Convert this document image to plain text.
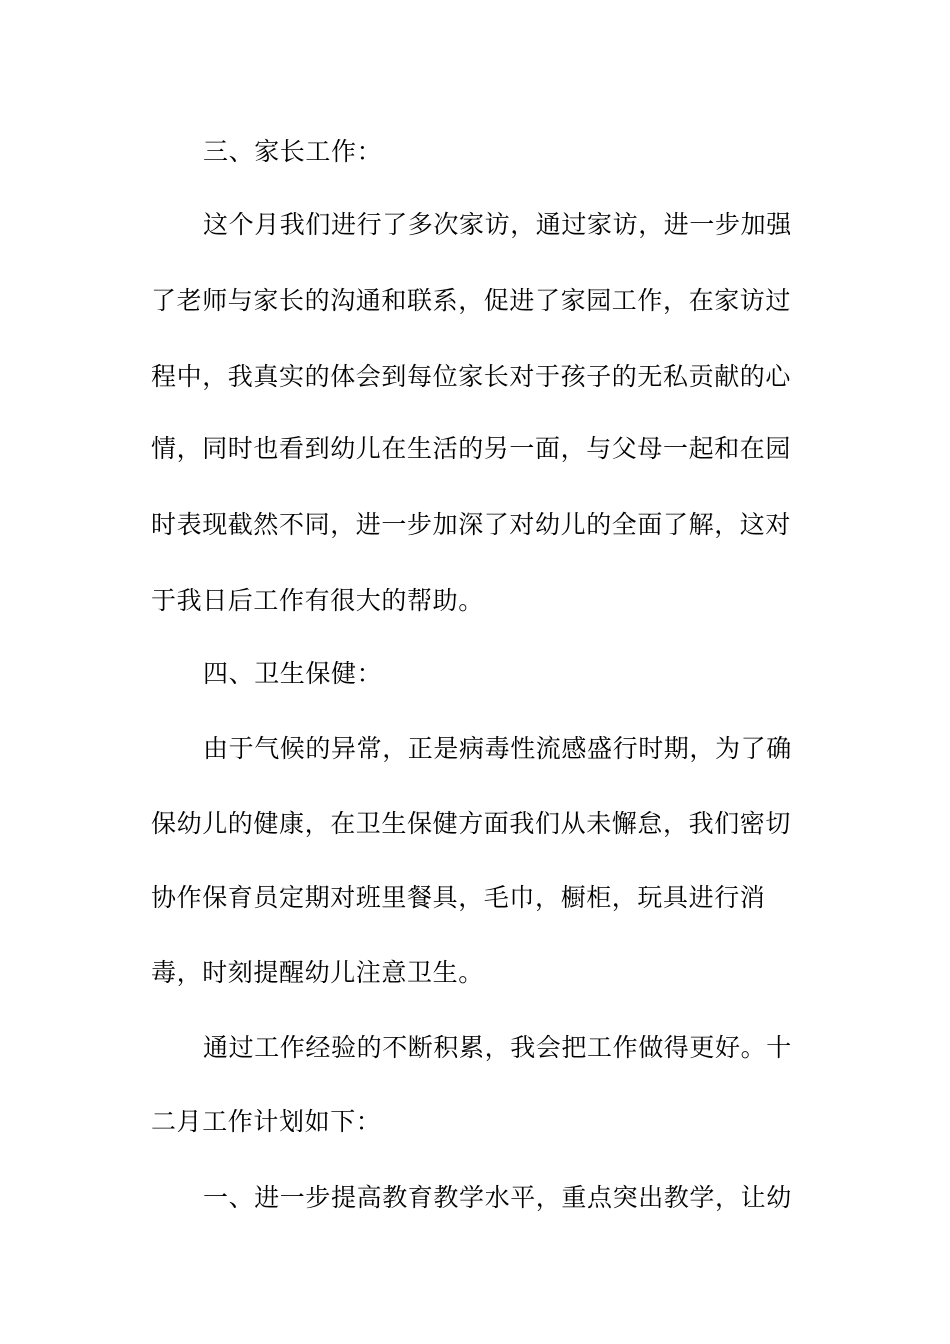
三、家长工作：
这个月我们进行了多次家访，通过家访，进一步加强
了老师与家长的沟通和联系，促进了家园工作，在家访过
程中，我真实的体会到每位家长对于孩子的无私贡献的心
情，同时也看到幼儿在生活的另一面，与父母一起和在园
时表现截然不同，进一步加深了对幼儿的全面了解，这对
于我日后工作有很大的帮助。
四、卫生保健：
由于气候的异常，正是病毒性流感盛行时期，为了确
保幼儿的健康，在卫生保健方面我们从未懈怠，我们密切
协作保育员定期对班里餐具，毛巾，橱柜，玩具进行消
毒，时刻提醒幼儿注意卫生。
通过工作经验的不断积累，我会把工作做得更好。十
二月工作计划如下：
一、进一步提高教育教学水平，重点突出教学，让幼
